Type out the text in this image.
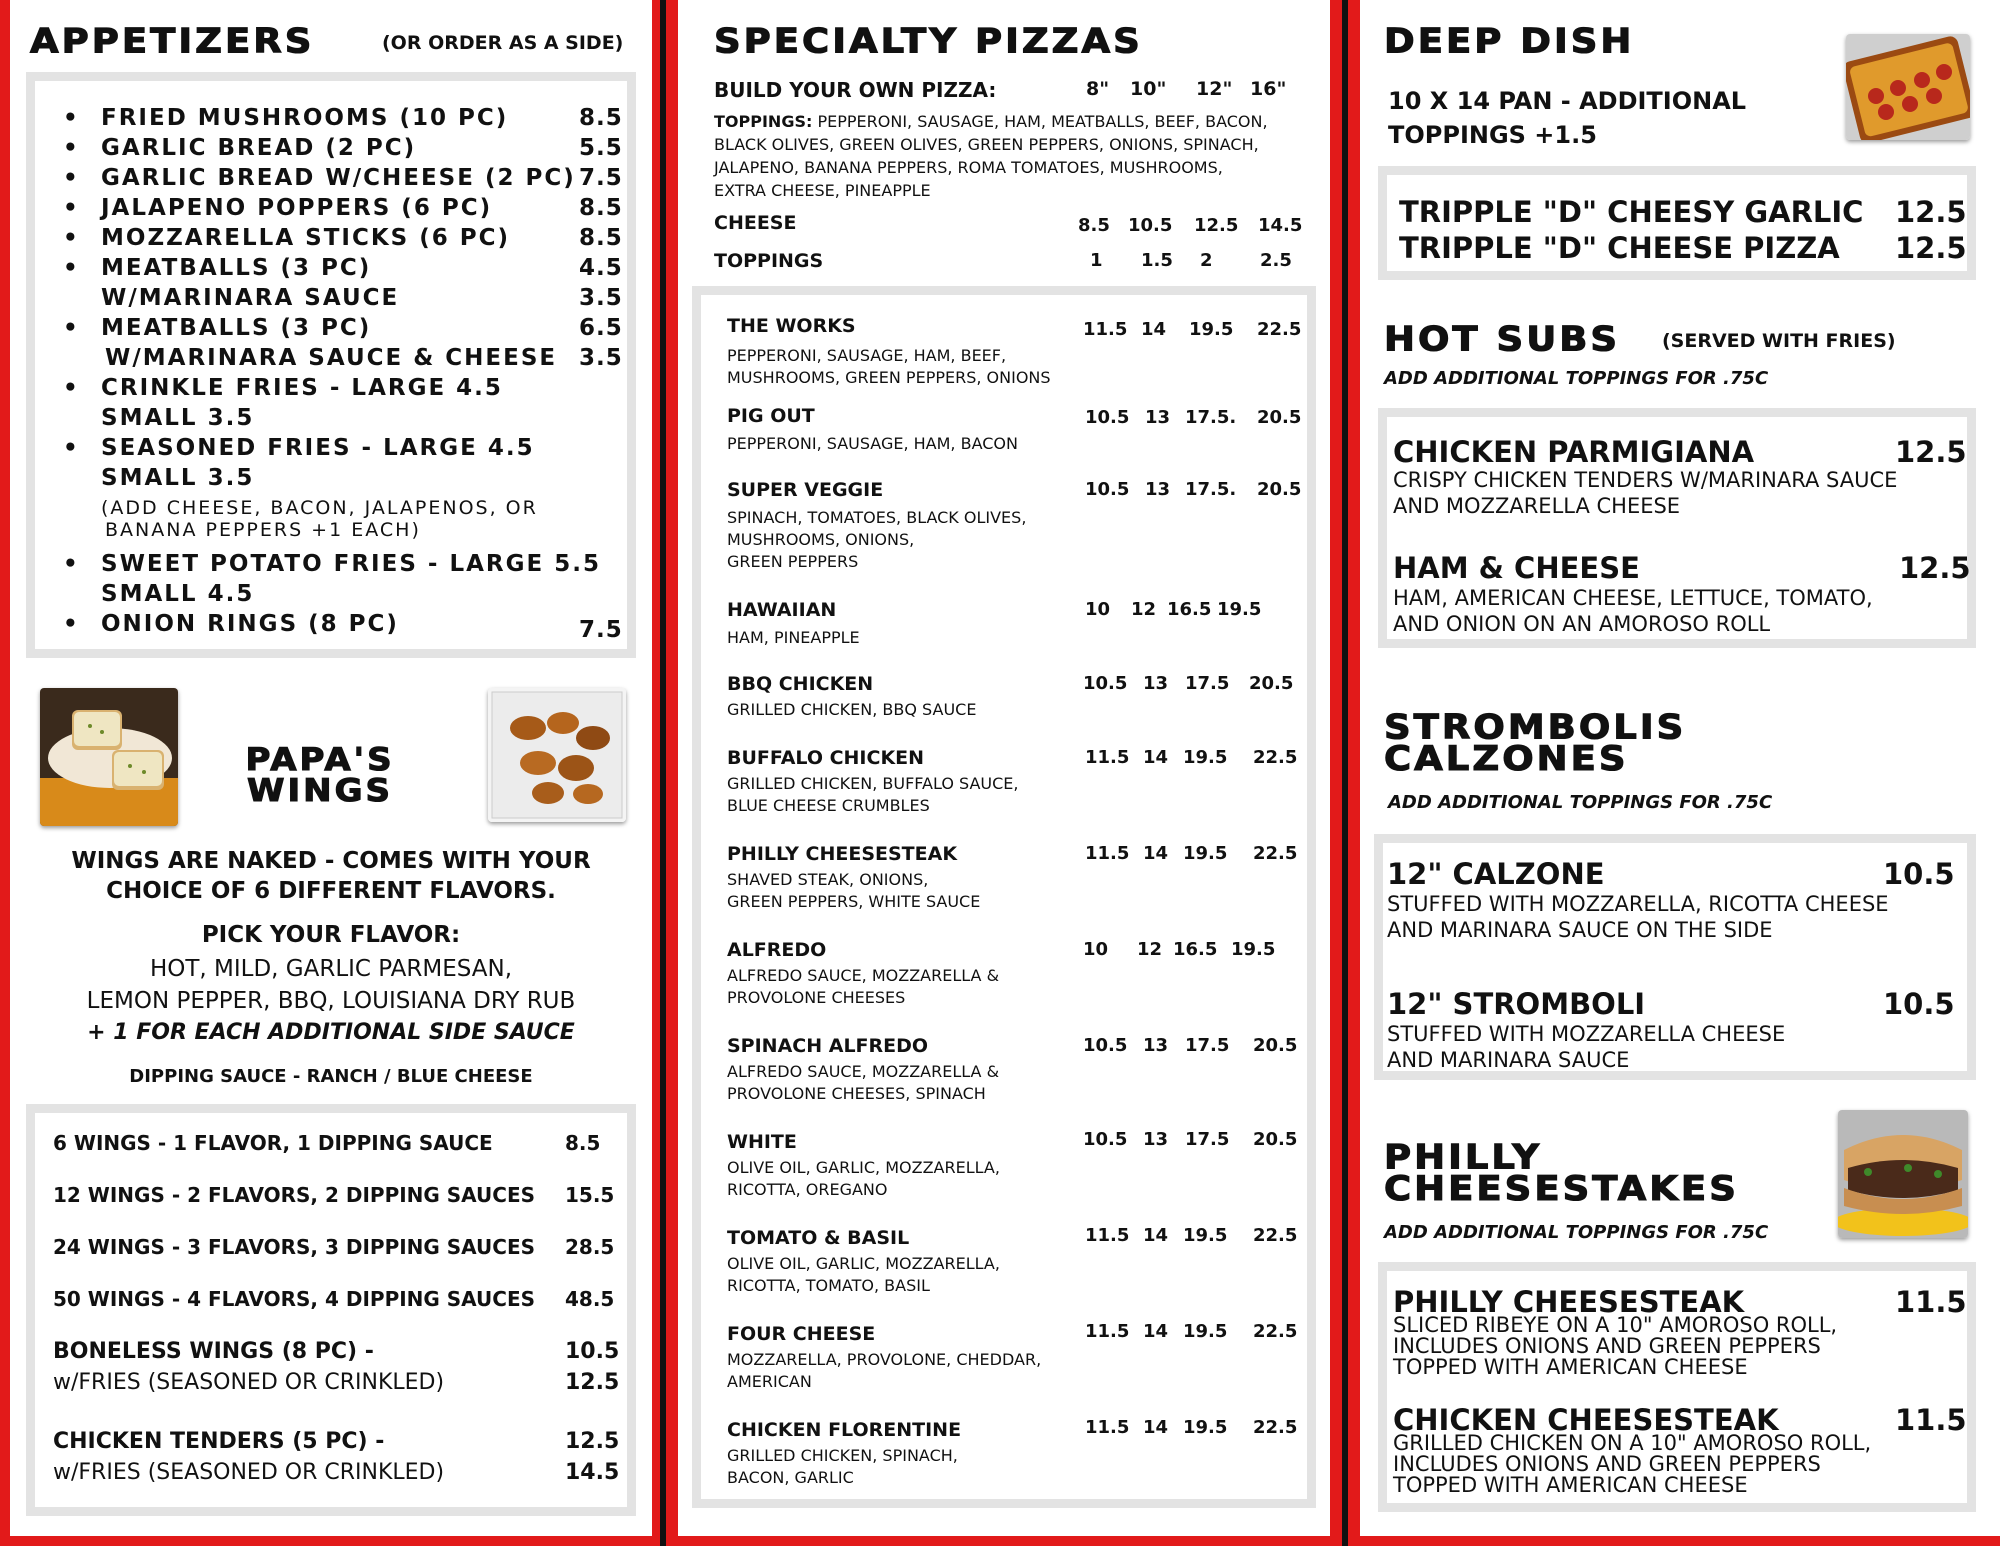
APPETIZERS	(OR ORDER AS A SIDE)
• FRIED MUSHROOMS (10 PC)	8.5
• GARLIC BREAD (2 PC)	5.5
• GARLIC BREAD W/CHEESE (2 PC) 7.5
• JALAPENO POPPERS (6 PC)	8.5
• MOZZARELLA STICKS (6 PC)	8.5
• MEATBALLS (3 PC)	4.5
W/MARINARA SAUCE	3.5
• MEATBALLS (3 PC)	6.5
W/MARINARA SAUCE & CHEESE 3.5
• CRINKLE FRIES - LARGE 4.5
SMALL 3.5
• SEASONED FRIES - LARGE 4.5
SMALL 3.5
(ADD CHEESE, BACON, JALAPENOS, OR
BANANA PEPPERS +1 EACH)
• SWEET POTATO FRIES - LARGE 5.5
SMALL 4.5
• ONION RINGS (8 PC)	7.5
PAPA'S
WINGS
WINGS ARE NAKED - COMES WITH YOUR
CHOICE OF 6 DIFFERENT FLAVORS.
PICK YOUR FLAVOR:
HOT, MILD, GARLIC PARMESAN,
LEMON PEPPER, BBQ, LOUISIANA DRY RUB
+ 1 FOR EACH ADDITIONAL SIDE SAUCE
DIPPING SAUCE - RANCH / BLUE CHEESE
6 WINGS - 1 FLAVOR, 1 DIPPING SAUCE	8.5
12 WINGS - 2 FLAVORS, 2 DIPPING SAUCES 15.5
24 WINGS - 3 FLAVORS, 3 DIPPING SAUCES 28.5
50 WINGS - 4 FLAVORS, 4 DIPPING SAUCES 48.5
BONELESS WINGS (8 PC) -	10.5
w/FRIES (SEASONED OR CRINKLED)	12.5
CHICKEN TENDERS (5 PC) -	12.5
w/FRIES (SEASONED OR CRINKLED)	14.5
SPECIALTY PIZZAS
BUILD YOUR OWN PIZZA:	8" 10" 12" 16"
TOPPINGS: PEPPERONI, SAUSAGE, HAM, MEATBALLS, BEEF, BACON,
BLACK OLIVES, GREEN OLIVES, GREEN PEPPERS, ONIONS, SPINACH,
JALAPENO, BANANA PEPPERS, ROMA TOMATOES, MUSHROOMS,
EXTRA CHEESE, PINEAPPLE
CHEESE	8.5 10.5 12.5 14.5
TOPPINGS	1 1.5 2	2.5
THE WORKS
PEPPERONI, SAUSAGE, HAM, BEEF,
MUSHROOMS, GREEN PEPPERS, ONIONS
11.5 14 19.5 22.5
PIG OUT
PEPPERONI, SAUSAGE, HAM, BACON
10.5 13 17.5. 20.5
SUPER VEGGIE
SPINACH, TOMATOES, BLACK OLIVES,
MUSHROOMS, ONIONS,
GREEN PEPPERS
10.5 13 17.5. 20.5
HAWAIIAN
HAM, PINEAPPLE
10 12 16.5 19.5
BBQ CHICKEN
GRILLED CHICKEN, BBQ SAUCE
10.5 13 17.5 20.5
BUFFALO CHICKEN
GRILLED CHICKEN, BUFFALO SAUCE,
BLUE CHEESE CRUMBLES
11.5 14 19.5 22.5
PHILLY CHEESESTEAK
SHAVED STEAK, ONIONS,
GREEN PEPPERS, WHITE SAUCE
11.5 14 19.5 22.5
ALFREDO
ALFREDO SAUCE, MOZZARELLA &
PROVOLONE CHEESES
10 12 16.5 19.5
SPINACH ALFREDO
ALFREDO SAUCE, MOZZARELLA &
PROVOLONE CHEESES, SPINACH
10.5 13 17.5 20.5
WHITE
OLIVE OIL, GARLIC, MOZZARELLA,
RICOTTA, OREGANO
10.5 13 17.5 20.5
TOMATO & BASIL
OLIVE OIL, GARLIC, MOZZARELLA,
RICOTTA, TOMATO, BASIL
11.5 14 19.5 22.5
FOUR CHEESE
MOZZARELLA, PROVOLONE, CHEDDAR,
AMERICAN
11.5 14 19.5 22.5
CHICKEN FLORENTINE
GRILLED CHICKEN, SPINACH,
BACON, GARLIC
11.5 14 19.5 22.5
DEEP DISH
10 X 14 PAN - ADDITIONAL
TOPPINGS +1.5
TRIPPLE "D" CHEESY GARLIC 12.5
TRIPPLE "D" CHEESE PIZZA 12.5
HOT SUBS (SERVED WITH FRIES)
ADD ADDITIONAL TOPPINGS FOR .75C
CHICKEN PARMIGIANA	12.5
CRISPY CHICKEN TENDERS W/MARINARA SAUCE
AND MOZZARELLA CHEESE
HAM & CHEESE	12.5
HAM, AMERICAN CHEESE, LETTUCE, TOMATO,
AND ONION ON AN AMOROSO ROLL
STROMBOLIS
CALZONES
ADD ADDITIONAL TOPPINGS FOR .75C
12" CALZONE	10.5
STUFFED WITH MOZZARELLA, RICOTTA CHEESE
AND MARINARA SAUCE ON THE SIDE
12" STROMBOLI	10.5
STUFFED WITH MOZZARELLA CHEESE
AND MARINARA SAUCE
PHILLY
CHEESESTAKES
ADD ADDITIONAL TOPPINGS FOR .75C
PHILLY CHEESESTEAK	11.5
SLICED RIBEYE ON A 10" AMOROSO ROLL,
INCLUDES ONIONS AND GREEN PEPPERS
TOPPED WITH AMERICAN CHEESE
CHICKEN CHEESESTEAK	11.5
GRILLED CHICKEN ON A 10" AMOROSO ROLL,
INCLUDES ONIONS AND GREEN PEPPERS
TOPPED WITH AMERICAN CHEESE
